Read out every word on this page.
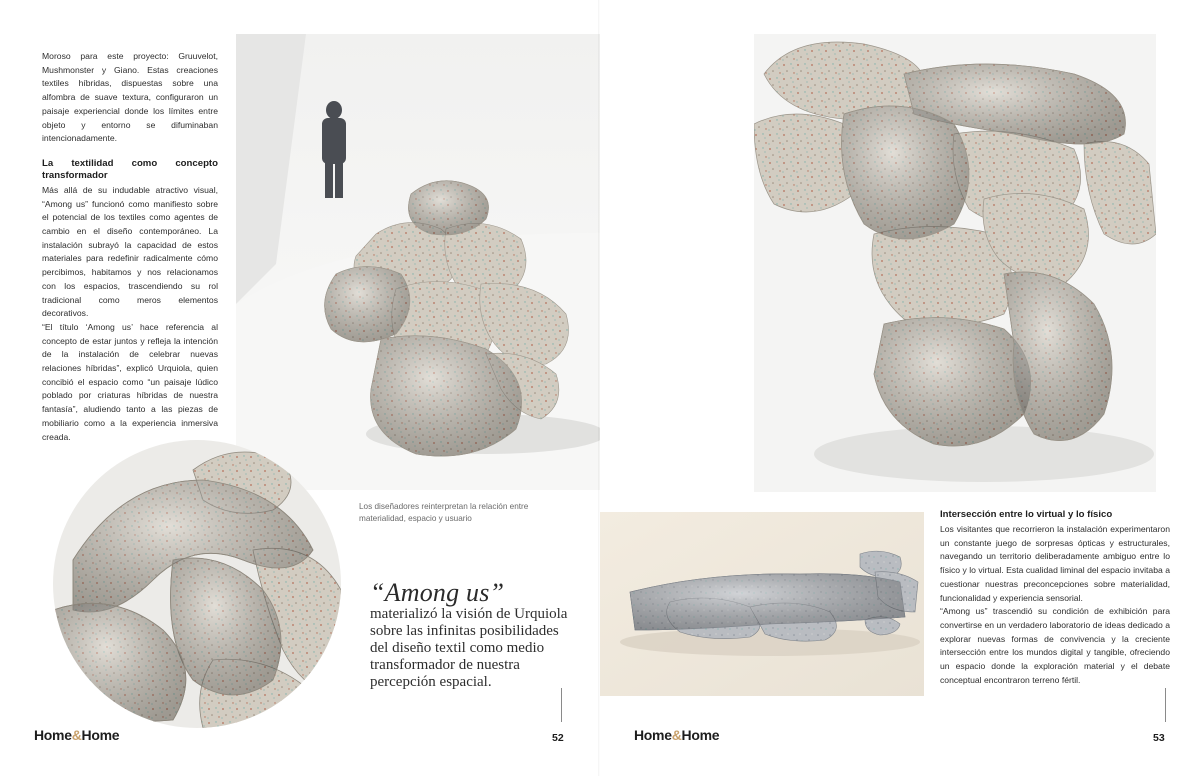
Moroso para este proyecto: Gruuvelot, Mushmonster y Giano. Estas creaciones textiles híbridas, dispuestas sobre una alfombra de suave textura, configuraron un paisaje experiencial donde los límites entre objeto y entorno se difuminaban intencionadamente.

La textilidad como concepto transformador

Más allá de su indudable atractivo visual, “Among us” funcionó como manifiesto sobre el potencial de los textiles como agentes de cambio en el diseño contemporáneo. La instalación subrayó la capacidad de estos materiales para redefinir radicalmente cómo percibimos, habitamos y nos relacionamos con los espacios, trascendiendo su rol tradicional como meros elementos decorativos.

“El título ‘Among us’ hace referencia al concepto de estar juntos y refleja la intención de la instalación de celebrar nuevas relaciones híbridas”, explicó Urquiola, quien concibió el espacio como “un paisaje lúdico poblado por criaturas híbridas de nuestra fantasía”, aludiendo tanto a las piezas de mobiliario como a la experiencia inmersiva creada.

Los diseñadores reinterpretan la relación entre materialidad, espacio y usuario
“Among us”
materializó la visión de Urquiola sobre las infinitas posibilidades del diseño textil como medio transformador de nuestra percepción espacial.
Home&Home	52
Intersección entre lo virtual y lo físico

Los visitantes que recorrieron la instalación experimentaron un constante juego de sorpresas ópticas y estructurales, navegando un territorio deliberadamente ambiguo entre lo físico y lo virtual. Esta cualidad liminal del espacio invitaba a cuestionar nuestras preconcepciones sobre materialidad, funcionalidad y experiencia sensorial.

“Among us” trascendió su condición de exhibición para convertirse en un verdadero laboratorio de ideas dedicado a explorar nuevas formas de convivencia y la creciente intersección entre los mundos digital y tangible, ofreciendo un espacio donde la exploración material y el debate conceptual encontraron terreno fértil.

Home&Home	53
